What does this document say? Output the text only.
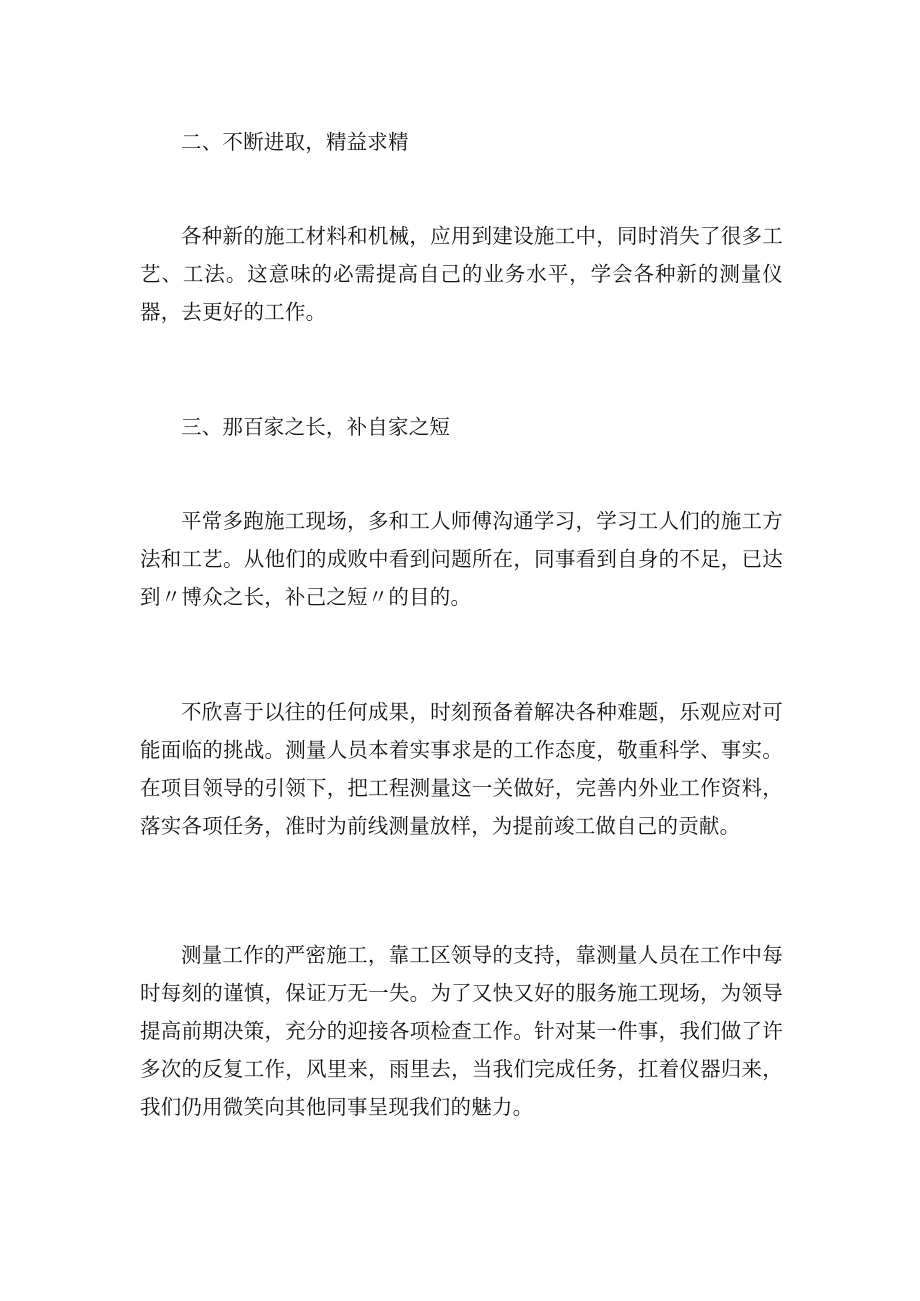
二、不断进取，精益求精

各种新的施工材料和机械，应用到建设施工中，同时消失了很多工艺、工法。这意味的必需提高自己的业务水平，学会各种新的测量仪器，去更好的工作。

三、那百家之长，补自家之短

平常多跑施工现场，多和工人师傅沟通学习，学习工人们的施工方法和工艺。从他们的成败中看到问题所在，同事看到自身的不足，已达到〃博众之长，补己之短〃的目的。

不欣喜于以往的任何成果，时刻预备着解决各种难题，乐观应对可能面临的挑战。测量人员本着实事求是的工作态度，敬重科学、事实。在项目领导的引领下，把工程测量这一关做好，完善内外业工作资料，落实各项任务，准时为前线测量放样，为提前竣工做自己的贡献。

测量工作的严密施工，靠工区领导的支持，靠测量人员在工作中每时每刻的谨慎，保证万无一失。为了又快又好的服务施工现场，为领导提高前期决策，充分的迎接各项检查工作。针对某一件事，我们做了许多次的反复工作，风里来，雨里去，当我们完成任务，扛着仪器归来，我们仍用微笑向其他同事呈现我们的魅力。
